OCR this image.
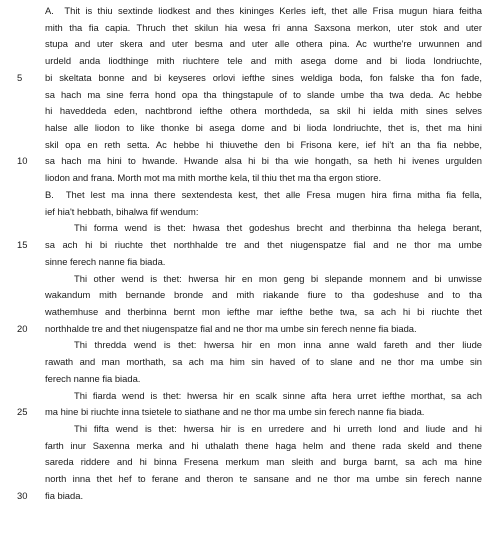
A.  Thit is thiu sextinde liodkest and thes kininges Kerles ieft, thet alle Frisa mugun hiara feitha
mith tha fia capia. Thruch thet skilun hia wesa fri anna Saxsona merkon, uter stok and uter
stupa and uter skera and uter besma and uter alle othera pina. Ac wurthe're urwunnen and
urdeld anda liodthinge mith riuchtere tele and mith asega dome and bi lioda londriuchte,
5	bi skeltata bonne and bi keyseres orlovi iefthe sines weldiga boda, fon falske tha fon fade,
sa hach ma sine ferra hond opa tha thingstapule of to slande umbe tha twa deda. Ac hebbe
hi haveddeda eden, nachtbrond iefthe othera morthdeda, sa skil hi ielda mith sines selves
halse alle liodon to like thonke bi asega dome and bi lioda londriuchte, thet is, thet ma hini
skil opa en reth setta. Ac hebbe hi thiuvethe den bi Frisona kere, ief hi't an tha fia nebbe,
10	sa hach ma hini to hwande. Hwande alsa hi bi tha wie hongath, sa heth hi ivenes urgulden
liodon and frana. Morth mot ma mith morthe kela, til thiu thet ma tha ergon stiore.
B.  Thet lest ma inna there sextendesta kest, thet alle Fresa mugen hira firna mitha fia fella,
ief hia't hebbath, bihalwa fif wendum:
Thi forma wend is thet: hwasa thet godeshus brecht and therbinna tha helega berant,
15	sa ach hi bi riuchte thet northhalde tre and thet niugenspatze fial and ne thor ma umbe
sinne ferech nanne fia biada.
Thi other wend is thet: hwersa hir en mon geng bi slepande monnem and bi unwisse
wakandum mith bernande bronde and mith riakande fiure to tha godeshuse and to tha
wathemhuse and therbinna bernt mon iefthe mar iefthe bethe twa, sa ach hi bi riuchte thet
20	northhalde tre and thet niugenspatze fial and ne thor ma umbe sin ferech nenne fia biada.
Thi thredda wend is thet: hwersa hir en mon inna anne wald fareth and ther liude
rawath and man morthath, sa ach ma him sin haved of to slane and ne thor ma umbe sin
ferech nanne fia biada.
Thi fiarda wend is thet: hwersa hir en scalk sinne afta hera urret iefthe morthat, sa ach
25	ma hine bi riuchte inna tsietele to siathane and ne thor ma umbe sin ferech nanne fia biada.
Thi fifta wend is thet: hwersa hir is en urredere and hi urreth lond and liude and hi
farth inur Saxenna merka and hi uthalath thene haga helm and thene rada skeld and thene
sareda riddere and hi binna Fresena merkum man sleith and burga barnt, sa ach ma hine
north inna thet hef to ferane and theron te sansane and ne thor ma umbe sin ferech nanne
30	fia biada.
